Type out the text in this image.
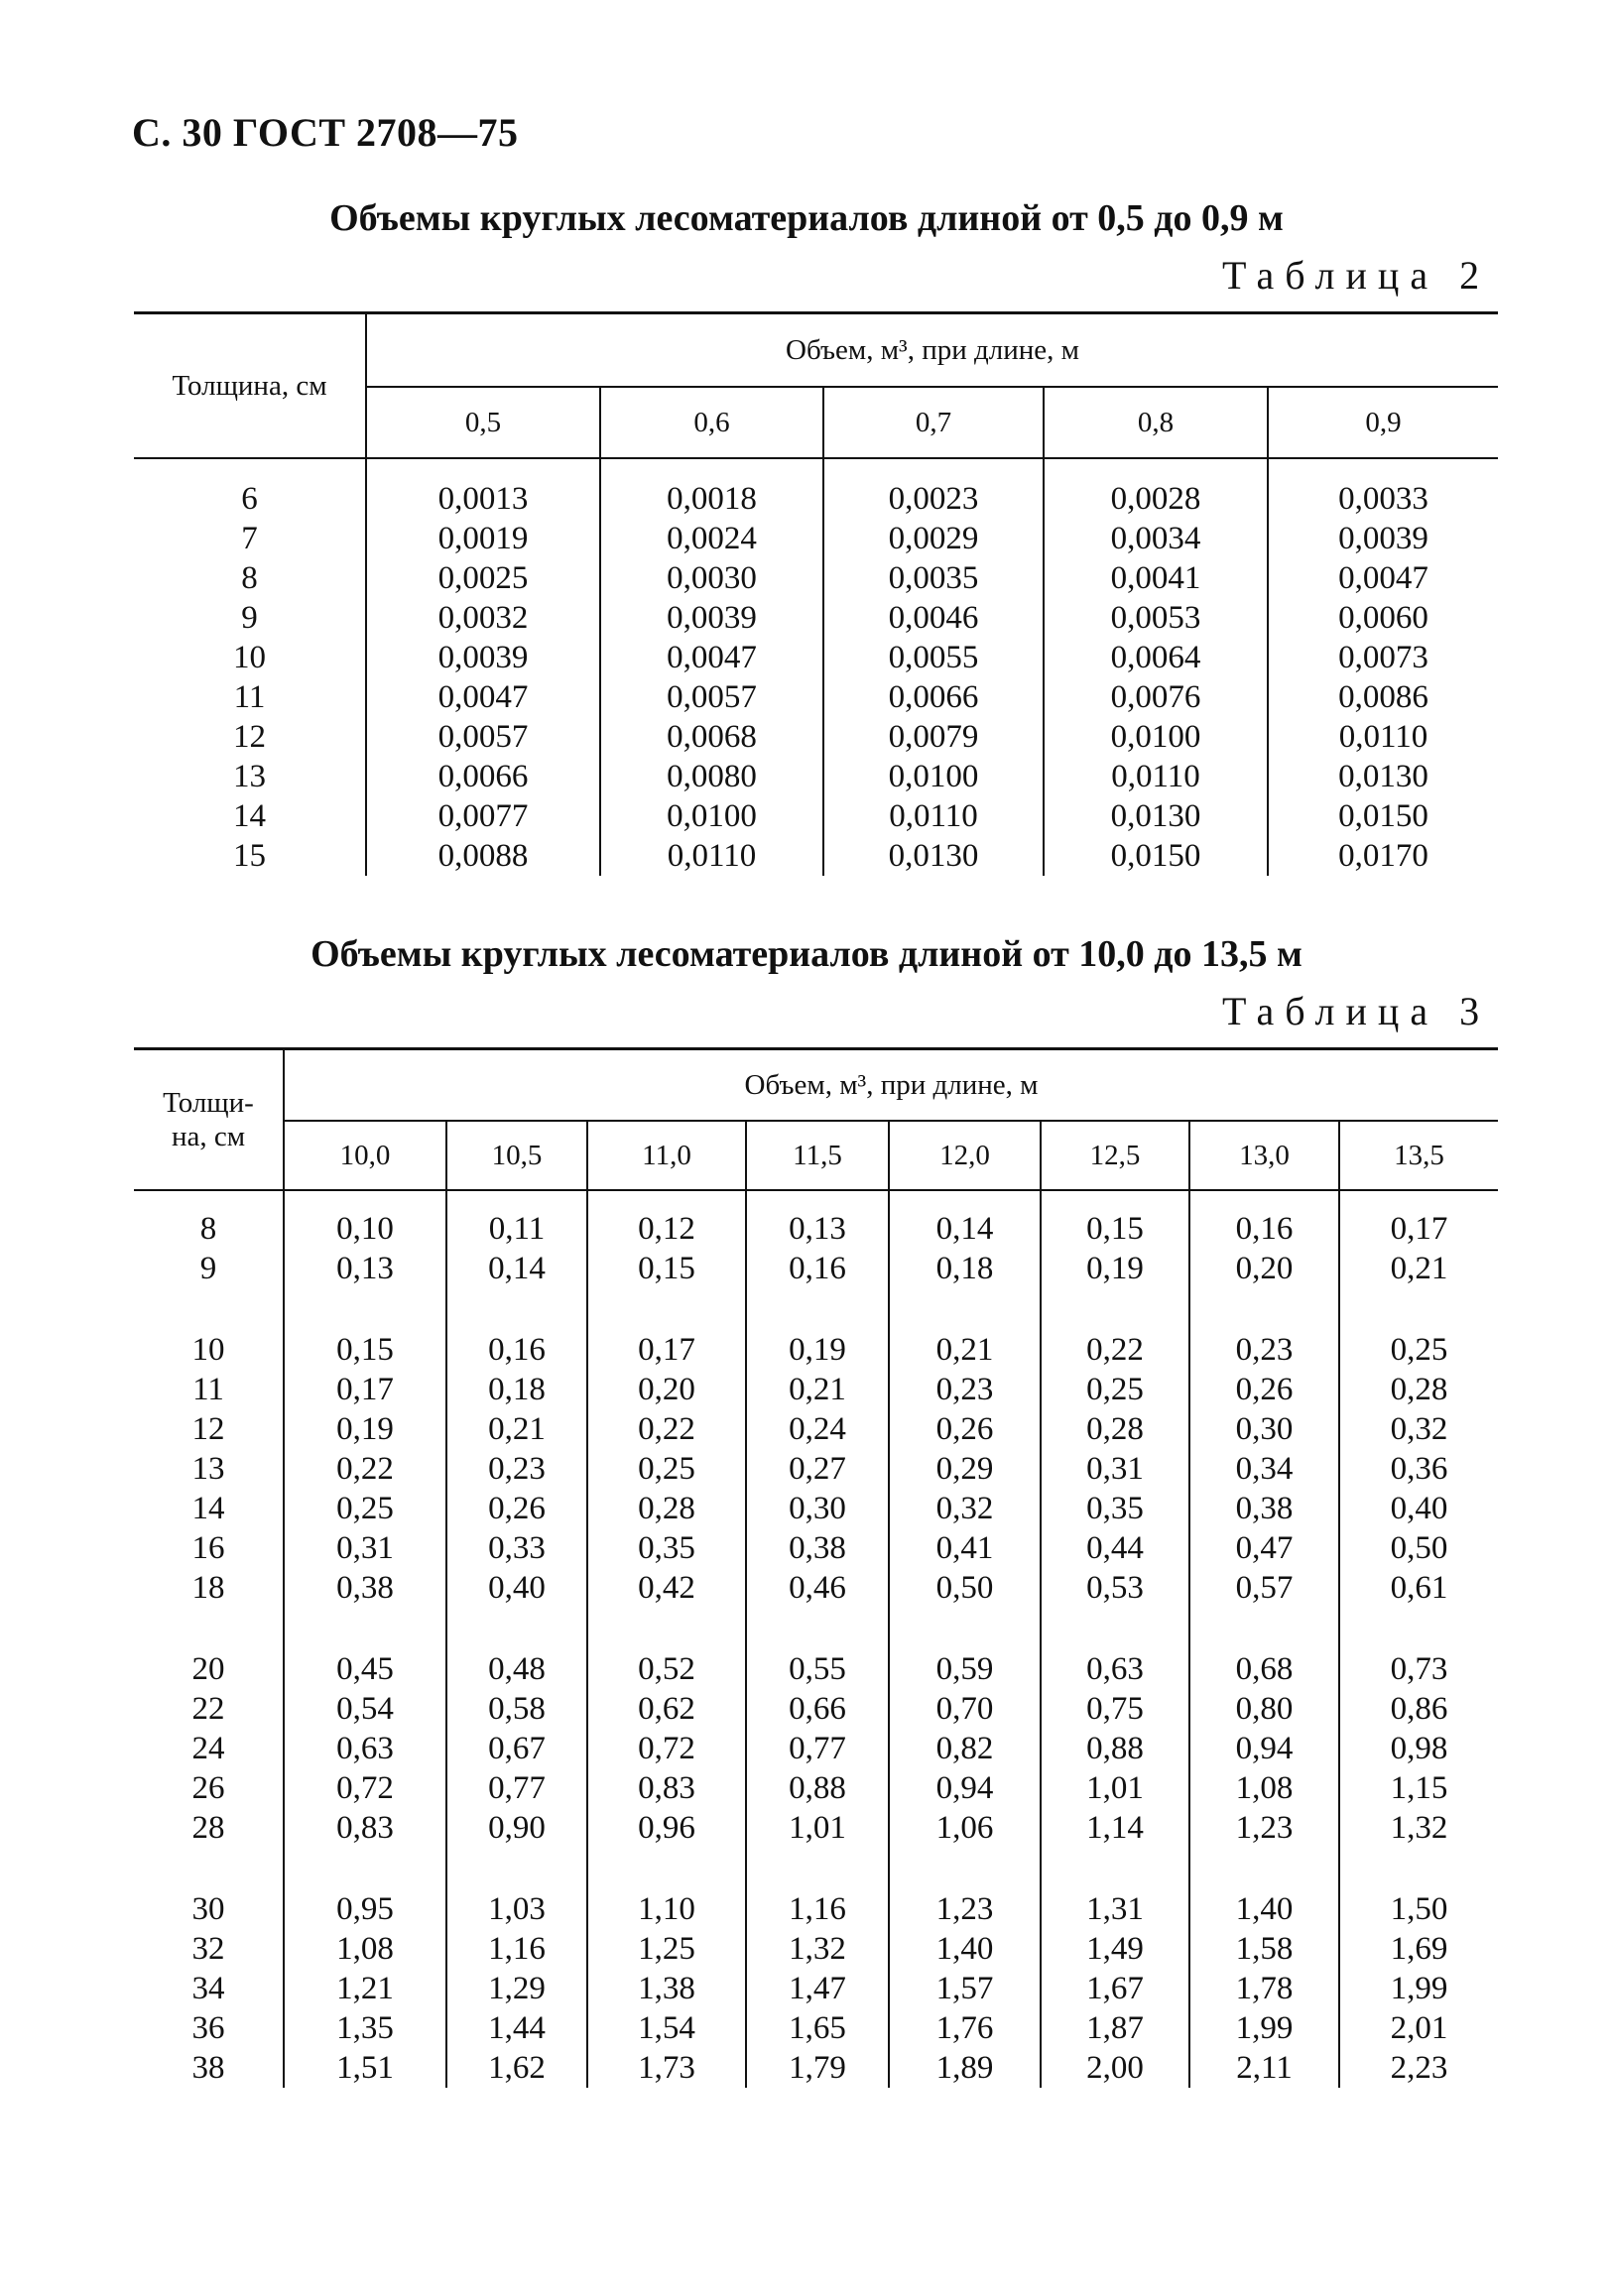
С. 30 ГОСТ 2708—75
Объемы круглых лесоматериалов длиной от 0,5 до 0,9 м
Таблица 2
Толщина, см	Объем, м³, при длине, м				
	0,5	0,6	0,7	0,8	0,9

6	0,0013	0,0018	0,0023	0,0028	0,0033
7	0,0019	0,0024	0,0029	0,0034	0,0039
8	0,0025	0,0030	0,0035	0,0041	0,0047
9	0,0032	0,0039	0,0046	0,0053	0,0060
10	0,0039	0,0047	0,0055	0,0064	0,0073
11	0,0047	0,0057	0,0066	0,0076	0,0086
12	0,0057	0,0068	0,0079	0,0100	0,0110
13	0,0066	0,0080	0,0100	0,0110	0,0130
14	0,0077	0,0100	0,0110	0,0130	0,0150
15	0,0088	0,0110	0,0130	0,0150	0,0170
Объемы круглых лесоматериалов длиной от 10,0 до 13,5 м
Таблица 3
Толщи-
на, см	Объем, м³, при длине, м							
	10,0	10,5	11,0	11,5	12,0	12,5	13,0	13,5

8	0,10	0,11	0,12	0,13	0,14	0,15	0,16	0,17
9	0,13	0,14	0,15	0,16	0,18	0,19	0,20	0,21

10	0,15	0,16	0,17	0,19	0,21	0,22	0,23	0,25
11	0,17	0,18	0,20	0,21	0,23	0,25	0,26	0,28
12	0,19	0,21	0,22	0,24	0,26	0,28	0,30	0,32
13	0,22	0,23	0,25	0,27	0,29	0,31	0,34	0,36
14	0,25	0,26	0,28	0,30	0,32	0,35	0,38	0,40
16	0,31	0,33	0,35	0,38	0,41	0,44	0,47	0,50
18	0,38	0,40	0,42	0,46	0,50	0,53	0,57	0,61

20	0,45	0,48	0,52	0,55	0,59	0,63	0,68	0,73
22	0,54	0,58	0,62	0,66	0,70	0,75	0,80	0,86
24	0,63	0,67	0,72	0,77	0,82	0,88	0,94	0,98
26	0,72	0,77	0,83	0,88	0,94	1,01	1,08	1,15
28	0,83	0,90	0,96	1,01	1,06	1,14	1,23	1,32

30	0,95	1,03	1,10	1,16	1,23	1,31	1,40	1,50
32	1,08	1,16	1,25	1,32	1,40	1,49	1,58	1,69
34	1,21	1,29	1,38	1,47	1,57	1,67	1,78	1,99
36	1,35	1,44	1,54	1,65	1,76	1,87	1,99	2,01
38	1,51	1,62	1,73	1,79	1,89	2,00	2,11	2,23
